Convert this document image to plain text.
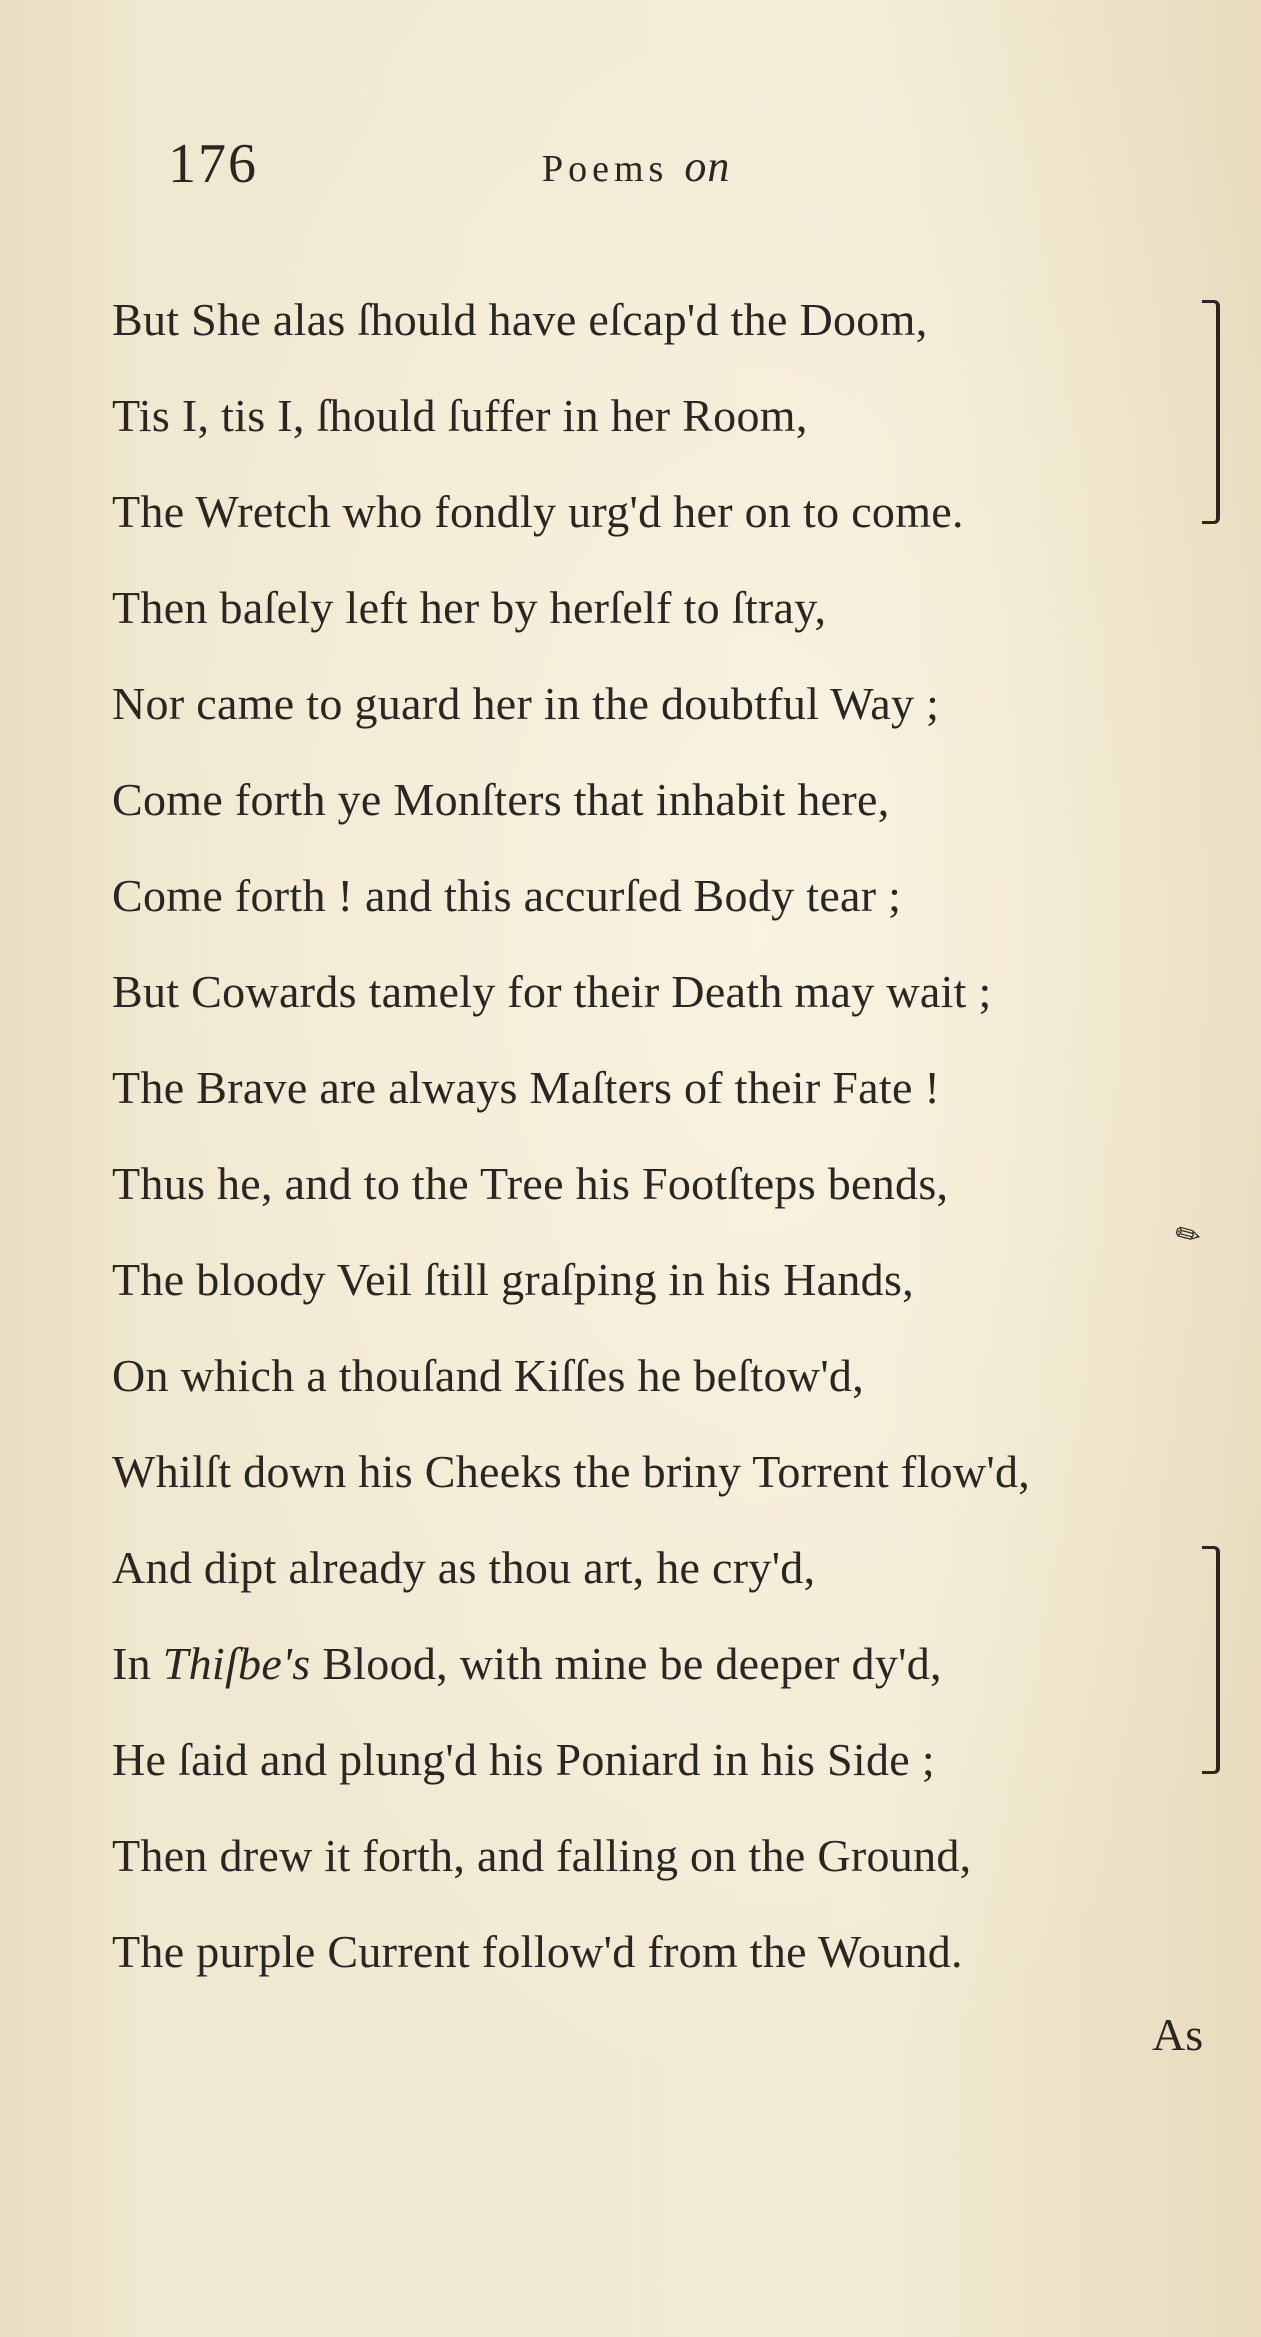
176	Poems on
But She alas ſhould have eſcap'd the Doom,
Tis I, tis I, ſhould ſuffer in her Room,
The Wretch who fondly urg'd her on to come.
Then baſely left her by herſelf to ſtray,
Nor came to guard her in the doubtful Way ;
Come forth ye Monſters that inhabit here,
Come forth ! and this accurſed Body tear ;
But Cowards tamely for their Death may wait ;
The Brave are always Maſters of their Fate !
Thus he, and to the Tree his Footſteps bends,
The bloody Veil ſtill graſping in his Hands,
On which a thouſand Kiſſes he beſtow'd,
Whilſt down his Cheeks the briny Torrent flow'd,
And dipt already as thou art, he cry'd,
In Thiſbe's Blood, with mine be deeper dy'd,
He ſaid and plung'd his Poniard in his Side ;
Then drew it forth, and falling on the Ground,
The purple Current follow'd from the Wound.
✎
As
